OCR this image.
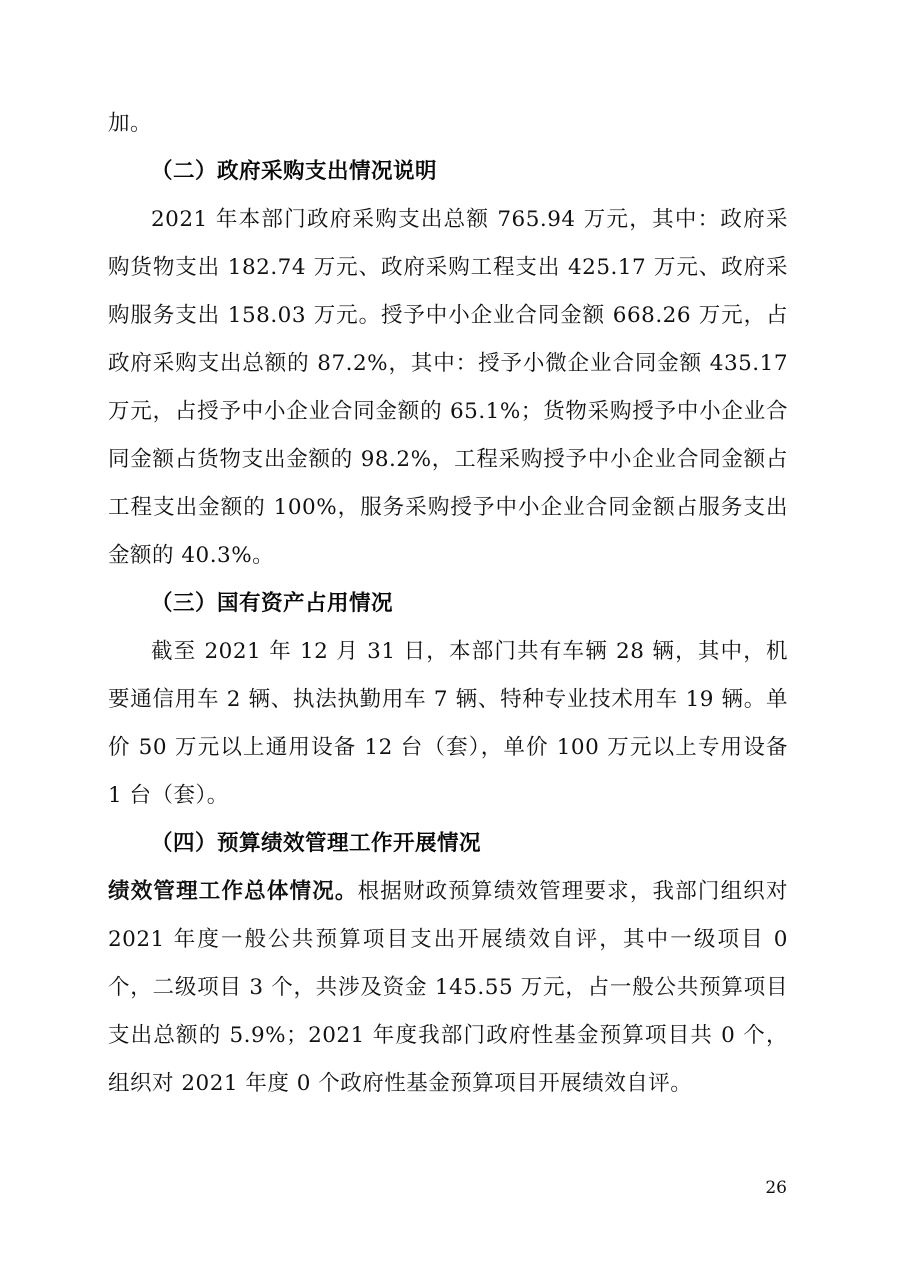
加。

（二）政府采购支出情况说明

2021 年本部门政府采购支出总额 765.94 万元，其中：政府采购货物支出 182.74 万元、政府采购工程支出 425.17 万元、政府采购服务支出 158.03 万元。授予中小企业合同金额 668.26 万元，占政府采购支出总额的 87.2%，其中：授予小微企业合同金额 435.17 万元，占授予中小企业合同金额的 65.1%；货物采购授予中小企业合同金额占货物支出金额的 98.2%，工程采购授予中小企业合同金额占工程支出金额的 100%，服务采购授予中小企业合同金额占服务支出金额的 40.3%。

（三）国有资产占用情况

截至 2021 年 12 月 31 日，本部门共有车辆 28 辆，其中，机要通信用车 2 辆、执法执勤用车 7 辆、特种专业技术用车 19 辆。单价 50 万元以上通用设备 12 台（套），单价 100 万元以上专用设备 1 台（套）。

（四）预算绩效管理工作开展情况

绩效管理工作总体情况。根据财政预算绩效管理要求，我部门组织对 2021 年度一般公共预算项目支出开展绩效自评，其中一级项目 0 个，二级项目 3 个，共涉及资金 145.55 万元，占一般公共预算项目支出总额的 5.9%；2021 年度我部门政府性基金预算项目共 0 个，组织对 2021 年度 0 个政府性基金预算项目开展绩效自评。

26
